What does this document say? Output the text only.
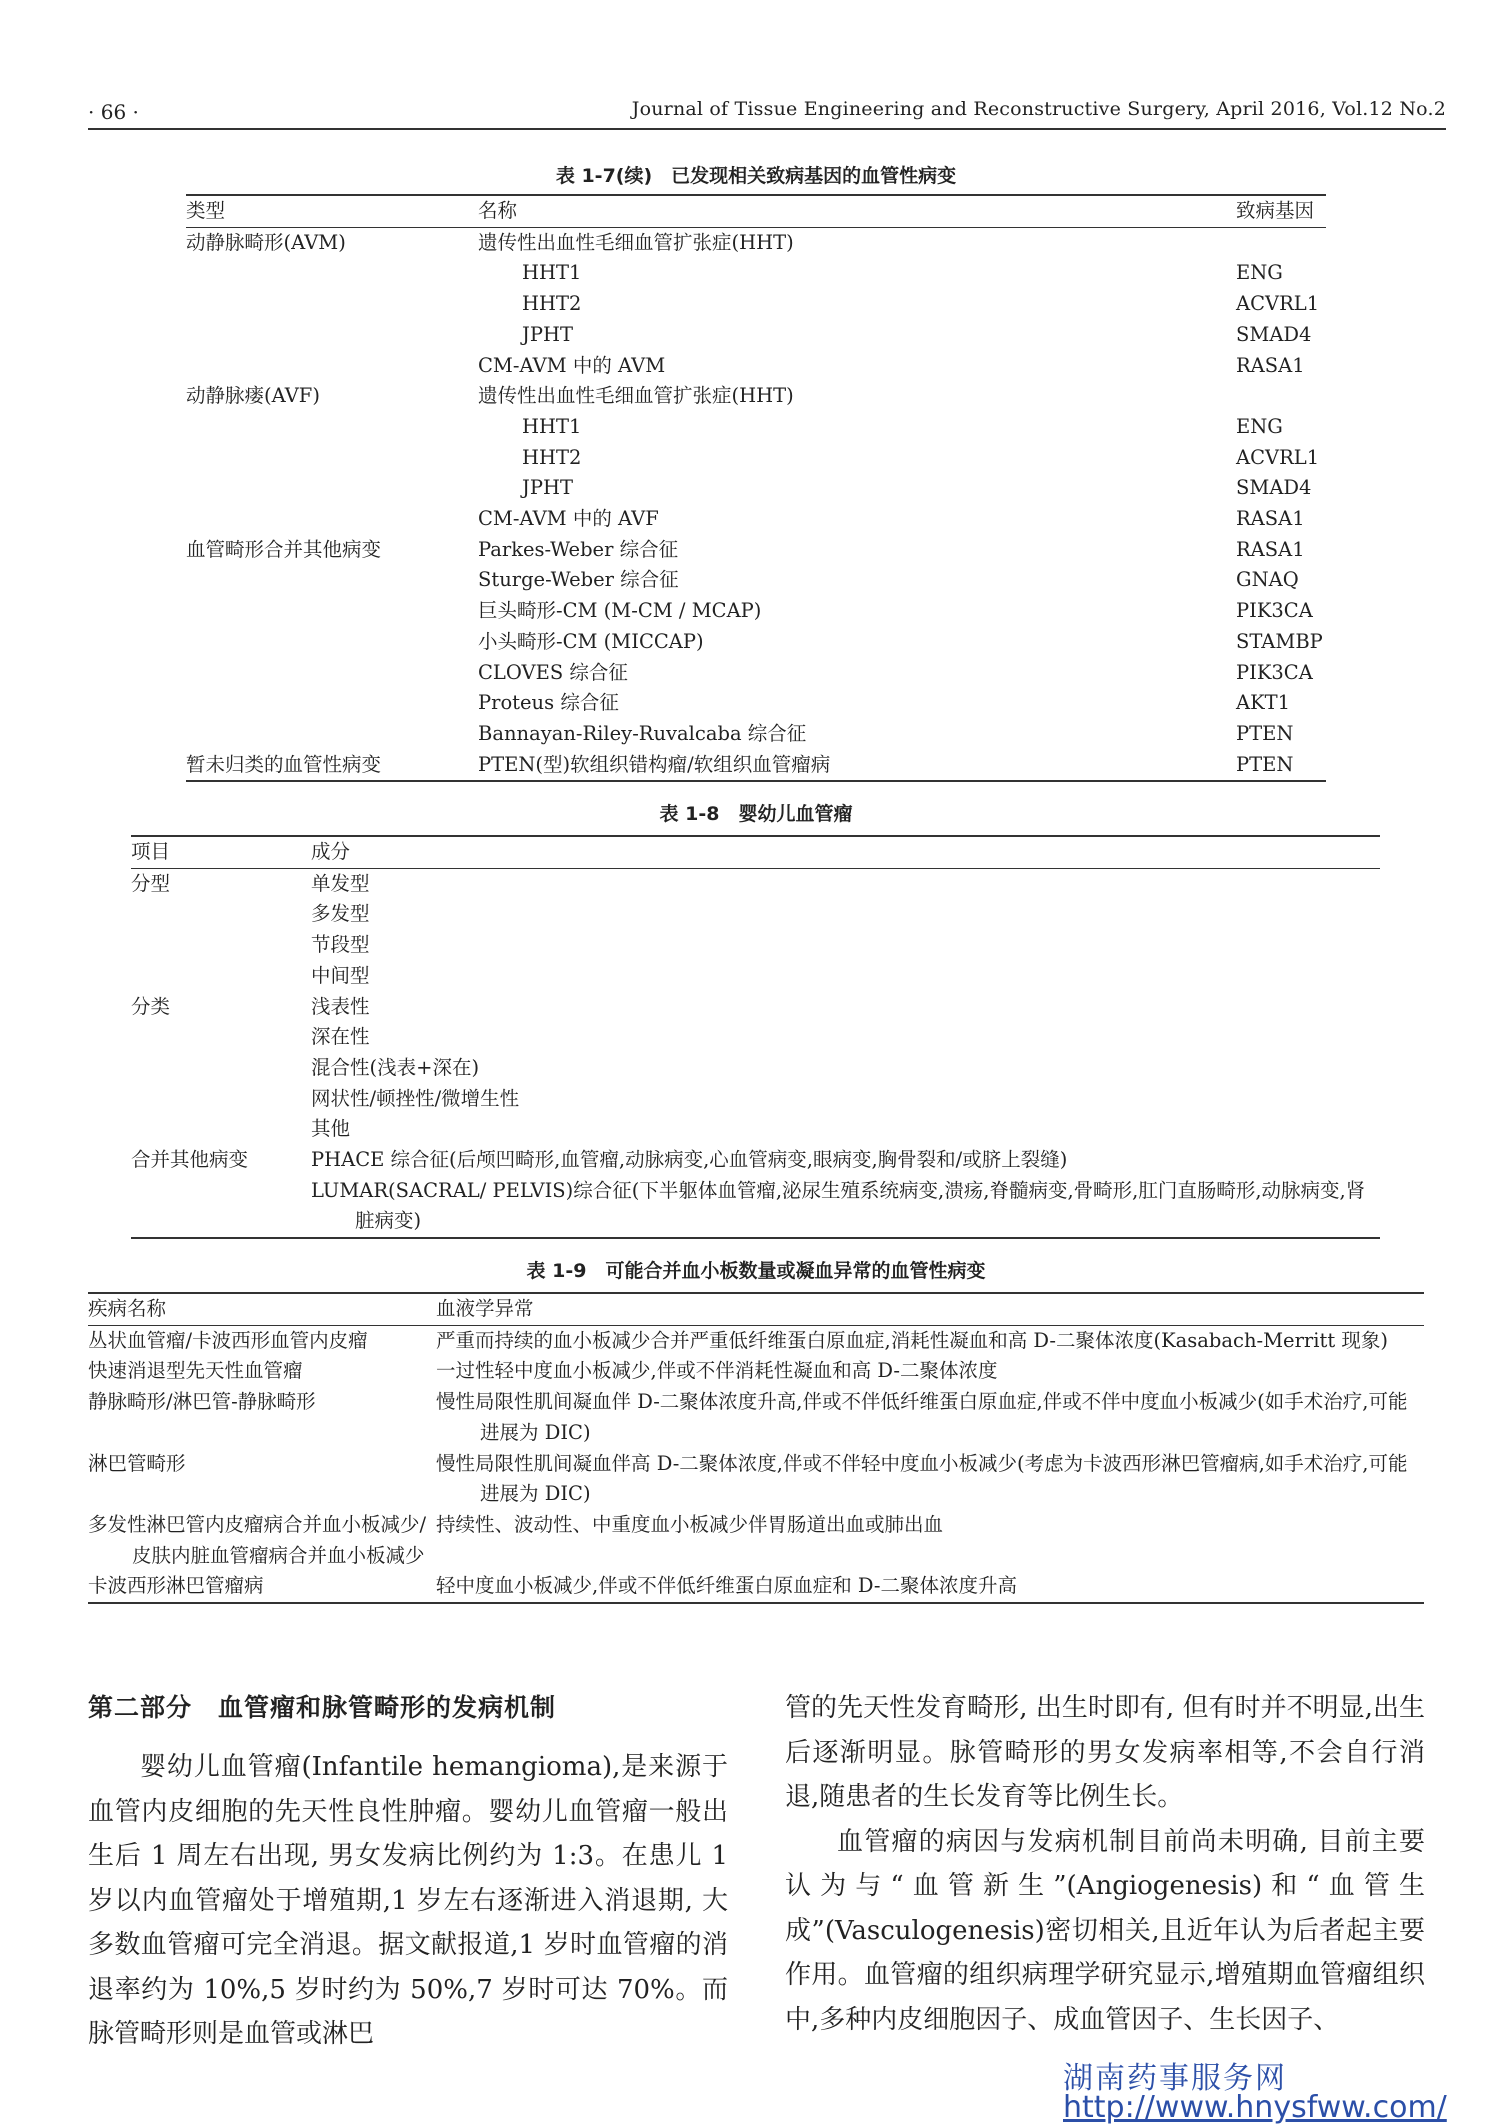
· 66 ·	Journal of Tissue Engineering and Reconstructive Surgery, April 2016, Vol.12 No.2
表 1-7(续)　已发现相关致病基因的血管性病变
类型	名称	致病基因
动静脉畸形(AVM)	遗传性出血性毛细血管扩张症(HHT)	
	HHT1	ENG
	HHT2	ACVRL1
	JPHT	SMAD4
	CM-AVM 中的 AVM	RASA1
动静脉瘘(AVF)	遗传性出血性毛细血管扩张症(HHT)	
	HHT1	ENG
	HHT2	ACVRL1
	JPHT	SMAD4
	CM-AVM 中的 AVF	RASA1
血管畸形合并其他病变	Parkes-Weber 综合征	RASA1
	Sturge-Weber 综合征	GNAQ
	巨头畸形-CM (M-CM / MCAP)	PIK3CA
	小头畸形-CM (MICCAP)	STAMBP
	CLOVES 综合征	PIK3CA
	Proteus 综合征	AKT1
	Bannayan-Riley-Ruvalcaba 综合征	PTEN
暂未归类的血管性病变	PTEN(型)软组织错构瘤/软组织血管瘤病	PTEN
表 1-8　婴幼儿血管瘤
项目	成分
分型	单发型
	多发型
	节段型
	中间型
分类	浅表性
	深在性
	混合性(浅表+深在)
	网状性/顿挫性/微增生性
	其他
合并其他病变	PHACE 综合征(后颅凹畸形,血管瘤,动脉病变,心血管病变,眼病变,胸骨裂和/或脐上裂缝)
	LUMAR(SACRAL/ PELVIS)综合征(下半躯体血管瘤,泌尿生殖系统病变,溃疡,脊髓病变,骨畸形,肛门直肠畸形,动脉病变,肾脏病变)
表 1-9　可能合并血小板数量或凝血异常的血管性病变
疾病名称	血液学异常
丛状血管瘤/卡波西形血管内皮瘤	严重而持续的血小板减少合并严重低纤维蛋白原血症,消耗性凝血和高 D-二聚体浓度(Kasabach-Merritt 现象)
快速消退型先天性血管瘤	一过性轻中度血小板减少,伴或不伴消耗性凝血和高 D-二聚体浓度
静脉畸形/淋巴管-静脉畸形	慢性局限性肌间凝血伴 D-二聚体浓度升高,伴或不伴低纤维蛋白原血症,伴或不伴中度血小板减少(如手术治疗,可能进展为 DIC)
淋巴管畸形	慢性局限性肌间凝血伴高 D-二聚体浓度,伴或不伴轻中度血小板减少(考虑为卡波西形淋巴管瘤病,如手术治疗,可能进展为 DIC)
多发性淋巴管内皮瘤病合并血小板减少/皮肤内脏血管瘤病合并血小板减少	持续性、波动性、中重度血小板减少伴胃肠道出血或肺出血
卡波西形淋巴管瘤病	轻中度血小板减少,伴或不伴低纤维蛋白原血症和 D-二聚体浓度升高
第二部分　血管瘤和脉管畸形的发病机制

婴幼儿血管瘤(Infantile hemangioma),是来源于血管内皮细胞的先天性良性肿瘤。婴幼儿血管瘤一般出生后 1 周左右出现, 男女发病比例约为 1:3。在患儿 1 岁以内血管瘤处于增殖期,1 岁左右逐渐进入消退期, 大多数血管瘤可完全消退。据文献报道,1 岁时血管瘤的消退率约为 10%,5 岁时约为 50%,7 岁时可达 70%。而脉管畸形则是血管或淋巴

管的先天性发育畸形, 出生时即有, 但有时并不明显,出生后逐渐明显。脉管畸形的男女发病率相等,不会自行消退,随患者的生长发育等比例生长。

血管瘤的病因与发病机制目前尚未明确, 目前主要认为与“血管新生”(Angiogenesis)和“血管生成”(Vasculogenesis)密切相关,且近年认为后者起主要作用。血管瘤的组织病理学研究显示,增殖期血管瘤组织中,多种内皮细胞因子、成血管因子、生长因子、

湖南药事服务网
http://www.hnysfww.com/
